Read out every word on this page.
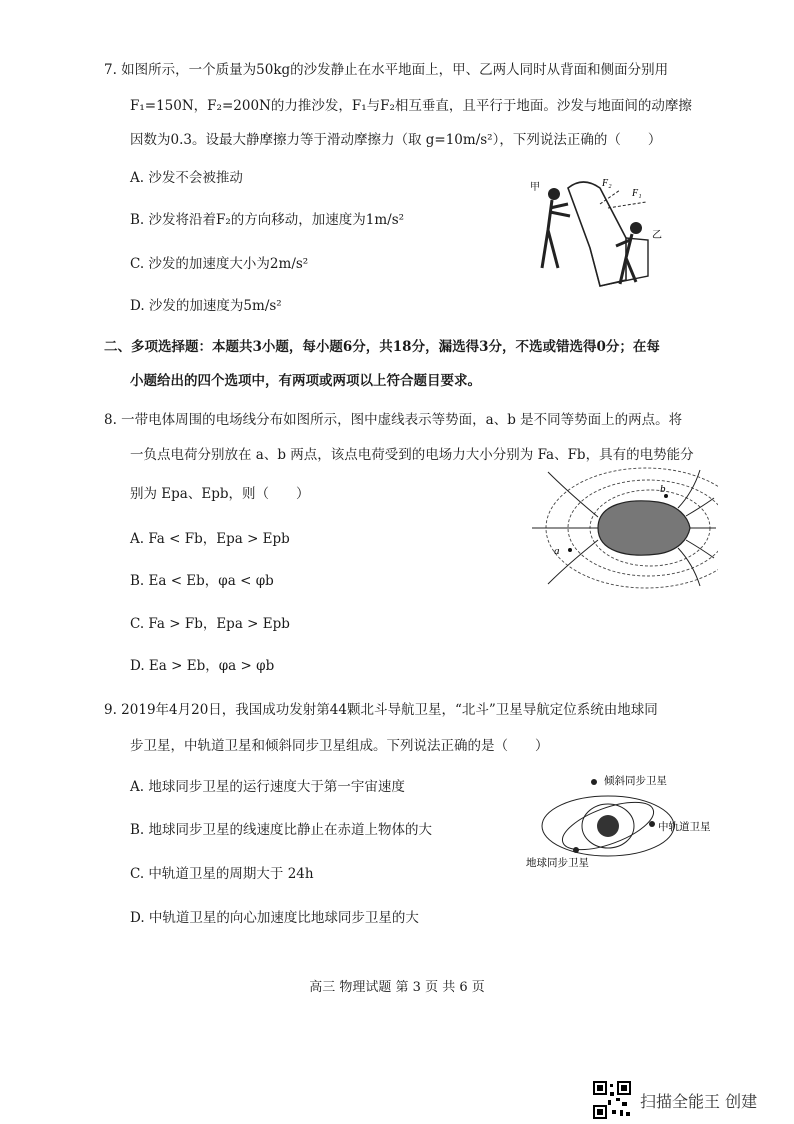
7. 如图所示，一个质量为50kg的沙发静止在水平地面上，甲、乙两人同时从背面和侧面分别用
F₁=150N，F₂=200N的力推沙发，F₁与F₂相互垂直，且平行于地面。沙发与地面间的动摩擦
因数为0.3。设最大静摩擦力等于滑动摩擦力（取 g=10m/s²），下列说法正确的（　　）
A. 沙发不会被推动
B. 沙发将沿着F₂的方向移动，加速度为1m/s²
C. 沙发的加速度大小为2m/s²
D. 沙发的加速度为5m/s²
甲
乙
F₁
F₂
二、多项选择题：本题共3小题，每小题6分，共18分，漏选得3分，不选或错选得0分；在每
小题给出的四个选项中，有两项或两项以上符合题目要求。
8. 一带电体周围的电场线分布如图所示，图中虚线表示等势面，a、b 是不同等势面上的两点。将
一负点电荷分别放在 a、b 两点，该点电荷受到的电场力大小分别为 Fa、Fb，具有的电势能分
别为 Epa、Epb，则（　　）
A. Fa < Fb，Epa > Epb
B. Ea < Eb，φa < φb
C. Fa > Fb，Epa > Epb
D. Ea > Eb，φa > φb
b
a
9. 2019年4月20日，我国成功发射第44颗北斗导航卫星，“北斗”卫星导航定位系统由地球同
步卫星，中轨道卫星和倾斜同步卫星组成。下列说法正确的是（　　）
A. 地球同步卫星的运行速度大于第一宇宙速度
B. 地球同步卫星的线速度比静止在赤道上物体的大
C. 中轨道卫星的周期大于 24h
D. 中轨道卫星的向心加速度比地球同步卫星的大
倾斜同步卫星
中轨道卫星
地球同步卫星
高三 物理试题 第 3 页 共 6 页
扫描全能王 创建
